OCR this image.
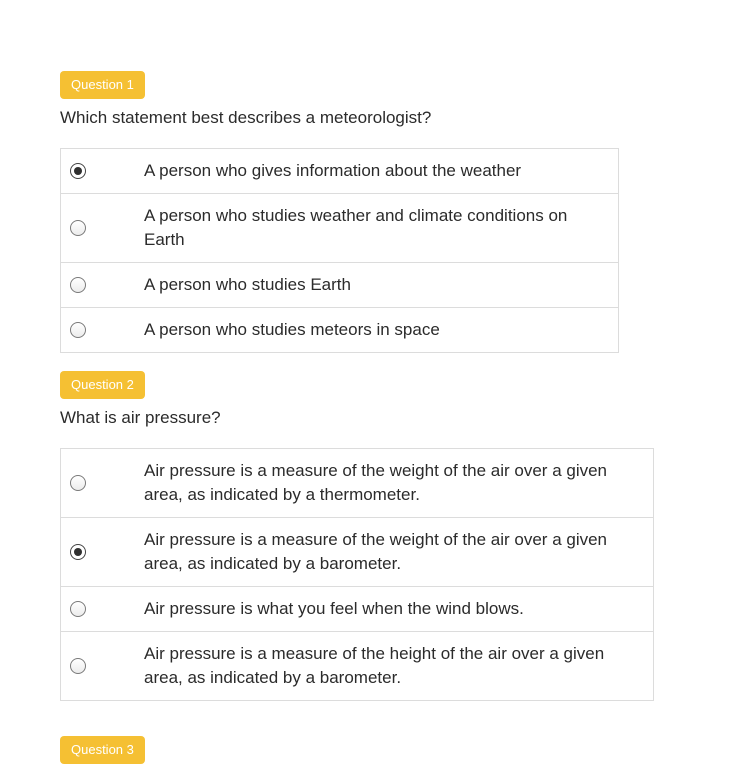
Question 1
Which statement best describes a meteorologist?
	A person who gives information about the weather

	A person who studies weather and climate conditions on Earth

	A person who studies Earth

	A person who studies meteors in space
Question 2
What is air pressure?
	Air pressure is a measure of the weight of the air over a given area, as indicated by a thermometer.

	Air pressure is a measure of the weight of the air over a given area, as indicated by a barometer.

	Air pressure is what you feel when the wind blows.

	Air pressure is a measure of the height of the air over a given area, as indicated by a barometer.
Question 3
